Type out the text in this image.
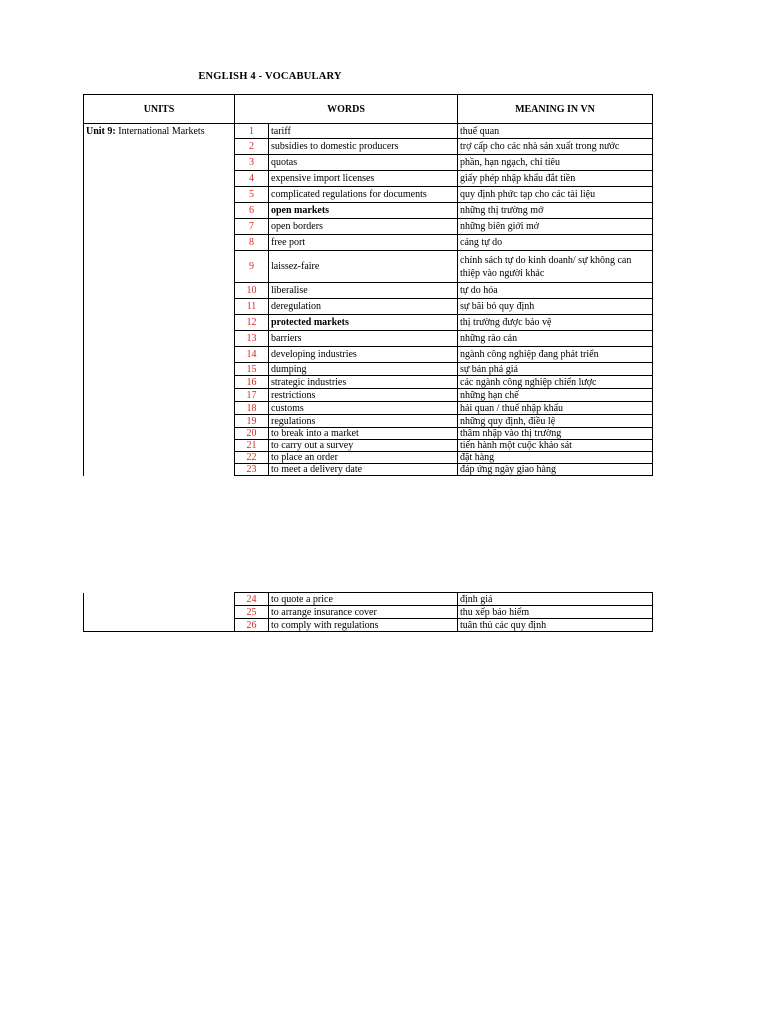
ENGLISH 4 - VOCABULARY
UNITS	WORDS		MEANING IN VN
Unit 9: International Markets	1	tariff	thuế quan
	2	subsidies to domestic producers	trợ cấp cho các nhà sản xuất trong nước
	3	quotas	phần, hạn ngạch, chỉ tiêu
	4	expensive import licenses	giấy phép nhập khẩu đắt tiền
	5	complicated regulations for documents	quy định phức tạp cho các tài liệu
	6	open markets	những thị trường mở
	7	open borders	những biên giới mở
	8	free port	cảng tự do
	9	laissez-faire	chính sách tự do kinh doanh/ sự không can thiệp vào người khác
	10	liberalise	tự do hóa
	11	deregulation	sự bãi bỏ quy định
	12	protected markets	thị trường được bảo vệ
	13	barriers	những rào cản
	14	developing industries	ngành công nghiệp đang phát triển
	15	dumping	sự bán phá giá
	16	strategic industries	các ngành công nghiệp chiến lược
	17	restrictions	những hạn chế
	18	customs	hải quan / thuế nhập khẩu
	19	regulations	những quy định, điều lệ
	20	to break into a market	thâm nhập vào thị trường
	21	to carry out a survey	tiến hành một cuộc khảo sát
	22	to place an order	đặt hàng
	23	to meet a delivery date	đáp ứng ngày giao hàng
	24	to quote a price	định giá
	25	to arrange insurance cover	thu xếp bảo hiểm
	26	to comply with regulations	tuân thủ các quy định
